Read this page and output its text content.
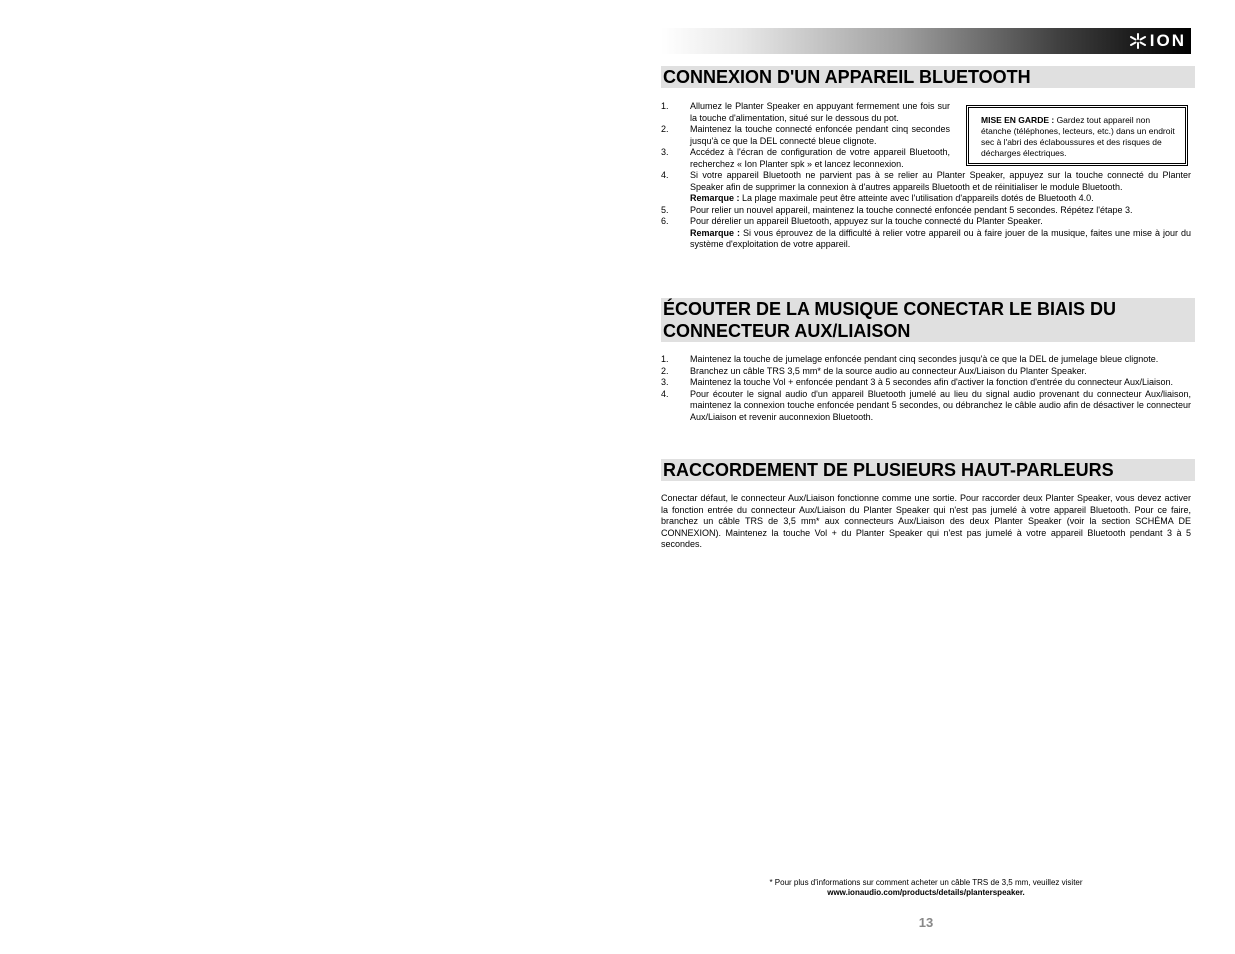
ION
CONNEXION D'UN APPAREIL BLUETOOTH
1. Allumez le Planter Speaker en appuyant fermement une fois sur la touche d'alimentation, situé sur le dessous du pot.
2. Maintenez la touche connecté enfoncée pendant cinq secondes jusqu'à ce que la DEL connecté bleue clignote.
3. Accédez à l'écran de configuration de votre appareil Bluetooth, recherchez « Ion Planter spk » et lancez leconnexion.
4. Si votre appareil Bluetooth ne parvient pas à se relier au Planter Speaker, appuyez sur la touche connecté du Planter Speaker afin de supprimer la connexion à d'autres appareils Bluetooth et de réinitialiser le module Bluetooth.
Remarque : La plage maximale peut être atteinte avec l'utilisation d'appareils dotés de Bluetooth 4.0.
5. Pour relier un nouvel appareil, maintenez la touche connecté enfoncée pendant 5 secondes. Répétez l'étape 3.
6. Pour dérelier un appareil Bluetooth, appuyez sur la touche connecté du Planter Speaker.
Remarque : Si vous éprouvez de la difficulté à relier votre appareil ou à faire jouer de la musique, faites une mise à jour du système d'exploitation de votre appareil.
MISE EN GARDE : Gardez tout appareil non étanche (téléphones, lecteurs, etc.) dans un endroit sec à l'abri des éclaboussures et des risques de décharges électriques.
ÉCOUTER DE LA MUSIQUE CONECTAR LE BIAIS DU
CONNECTEUR AUX/LIAISON
1. Maintenez la touche de jumelage enfoncée pendant cinq secondes jusqu'à ce que la DEL de jumelage bleue clignote.
2. Branchez un câble TRS 3,5 mm* de la source audio au connecteur Aux/Liaison du Planter Speaker.
3. Maintenez la touche Vol + enfoncée pendant 3 à 5 secondes afin d'activer la fonction d'entrée du connecteur Aux/Liaison.
4. Pour écouter le signal audio d'un appareil Bluetooth jumelé au lieu du signal audio provenant du connecteur Aux/liaison, maintenez la connexion touche enfoncée pendant 5 secondes, ou débranchez le câble audio afin de désactiver le connecteur Aux/Liaison et revenir auconnexion Bluetooth.
RACCORDEMENT DE PLUSIEURS HAUT-PARLEURS
Conectar défaut, le connecteur Aux/Liaison fonctionne comme une sortie. Pour raccorder deux Planter Speaker, vous devez activer la fonction entrée du connecteur Aux/Liaison du Planter Speaker qui n'est pas jumelé à votre appareil Bluetooth. Pour ce faire, branchez un câble TRS de 3,5 mm* aux connecteurs Aux/Liaison des deux Planter Speaker (voir la section SCHÉMA DE CONNEXION). Maintenez la touche Vol + du Planter Speaker qui n'est pas jumelé à votre appareil Bluetooth pendant 3 à 5 secondes.
* Pour plus d'informations sur comment acheter un câble TRS de 3,5 mm, veuillez visiter
www.ionaudio.com/products/details/planterspeaker.
13
